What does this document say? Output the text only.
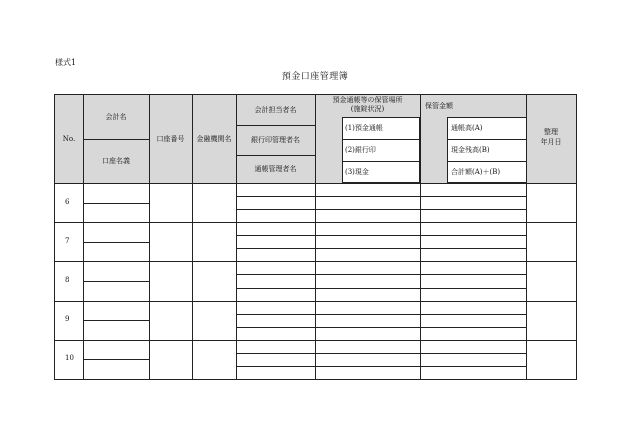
様式1
預金口座管理簿
No.
会計名
口座名義
口座番号	金融機関名
会計担当者名
銀行印管理者名
通帳管理者名
預金通帳等の保管場所
(施錠状況)
(1)預金通帳
(2)銀行印
(3)現金
保管金額
通帳高(A)
現金残高(B)
合計額(A)＋(B)
整理
年月日
6
7
8
9
10
